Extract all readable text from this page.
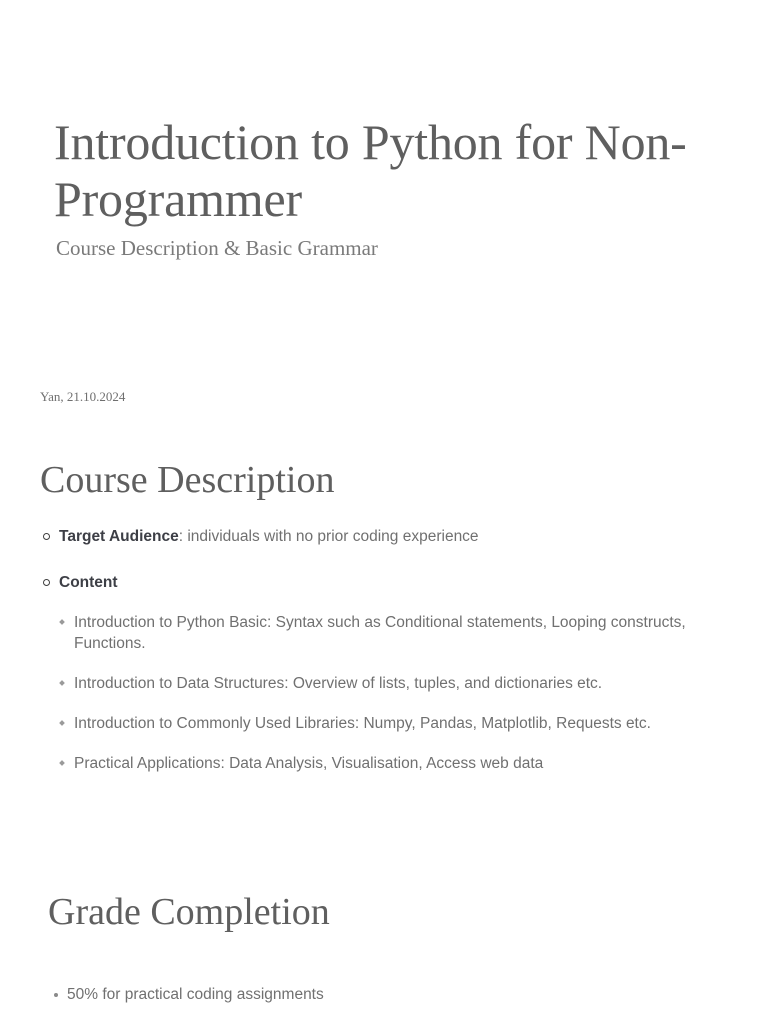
Introduction to Python for Non-Programmer

Course Description & Basic Grammar

Yan, 21.10.2024

Course Description
Target Audience: individuals with no prior coding experience
Content
Introduction to Python Basic: Syntax such as Conditional statements, Looping constructs, Functions.
Introduction to Data Structures: Overview of lists, tuples, and dictionaries etc.
Introduction to Commonly Used Libraries: Numpy, Pandas, Matplotlib, Requests etc.
Practical Applications: Data Analysis, Visualisation, Access web data
Grade Completion
50% for practical coding assignments
